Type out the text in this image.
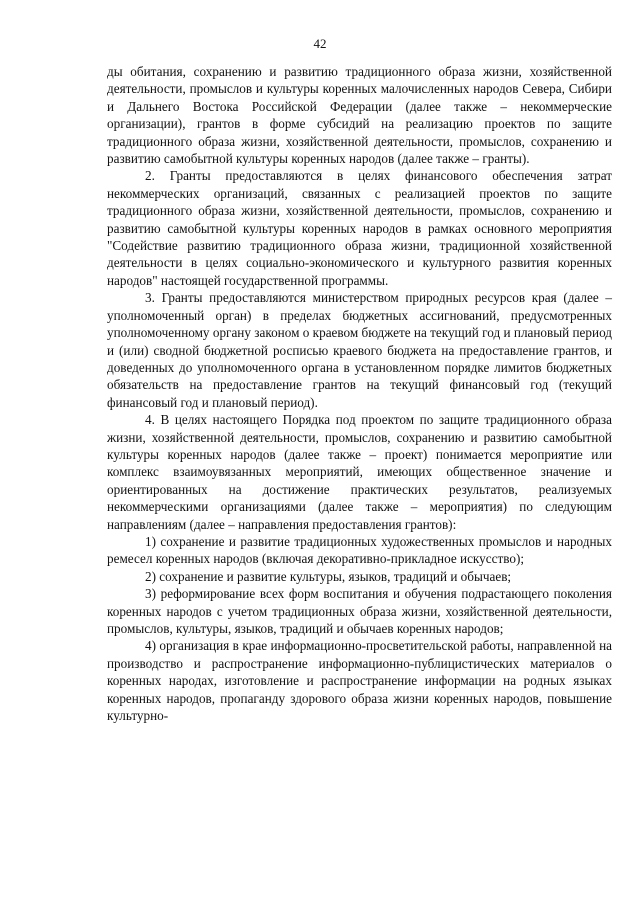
42

ды обитания, сохранению и развитию традиционного образа жизни, хозяйственной деятельности, промыслов и культуры коренных малочисленных народов Севера, Сибири и Дальнего Востока Российской Федерации (далее также – некоммерческие организации), грантов в форме субсидий на реализацию проектов по защите традиционного образа жизни, хозяйственной деятельности, промыслов, сохранению и развитию самобытной культуры коренных народов (далее также – гранты).

2. Гранты предоставляются в целях финансового обеспечения затрат некоммерческих организаций, связанных с реализацией проектов по защите традиционного образа жизни, хозяйственной деятельности, промыслов, сохранению и развитию самобытной культуры коренных народов в рамках основного мероприятия "Содействие развитию традиционного образа жизни, традиционной хозяйственной деятельности в целях социально-экономического и культурного развития коренных народов" настоящей государственной программы.

3. Гранты предоставляются министерством природных ресурсов края (далее – уполномоченный орган) в пределах бюджетных ассигнований, предусмотренных уполномоченному органу законом о краевом бюджете на текущий год и плановый период и (или) сводной бюджетной росписью краевого бюджета на предоставление грантов, и доведенных до уполномоченного органа в установленном порядке лимитов бюджетных обязательств на предоставление грантов на текущий финансовый год (текущий финансовый год и плановый период).

4. В целях настоящего Порядка под проектом по защите традиционного образа жизни, хозяйственной деятельности, промыслов, сохранению и развитию самобытной культуры коренных народов (далее также – проект) понимается мероприятие или комплекс взаимоувязанных мероприятий, имеющих общественное значение и ориентированных на достижение практических результатов, реализуемых некоммерческими организациями (далее также – мероприятия) по следующим направлениям (далее – направления предоставления грантов):

1) сохранение и развитие традиционных художественных промыслов и народных ремесел коренных народов (включая декоративно-прикладное искусство);

2) сохранение и развитие культуры, языков, традиций и обычаев;

3) реформирование всех форм воспитания и обучения подрастающего поколения коренных народов с учетом традиционных образа жизни, хозяйственной деятельности, промыслов, культуры, языков, традиций и обычаев коренных народов;

4) организация в крае информационно-просветительской работы, направленной на производство и распространение информационно-публицистических материалов о коренных народах, изготовление и распространение информации на родных языках коренных народов, пропаганду здорового образа жизни коренных народов, повышение культурно-
